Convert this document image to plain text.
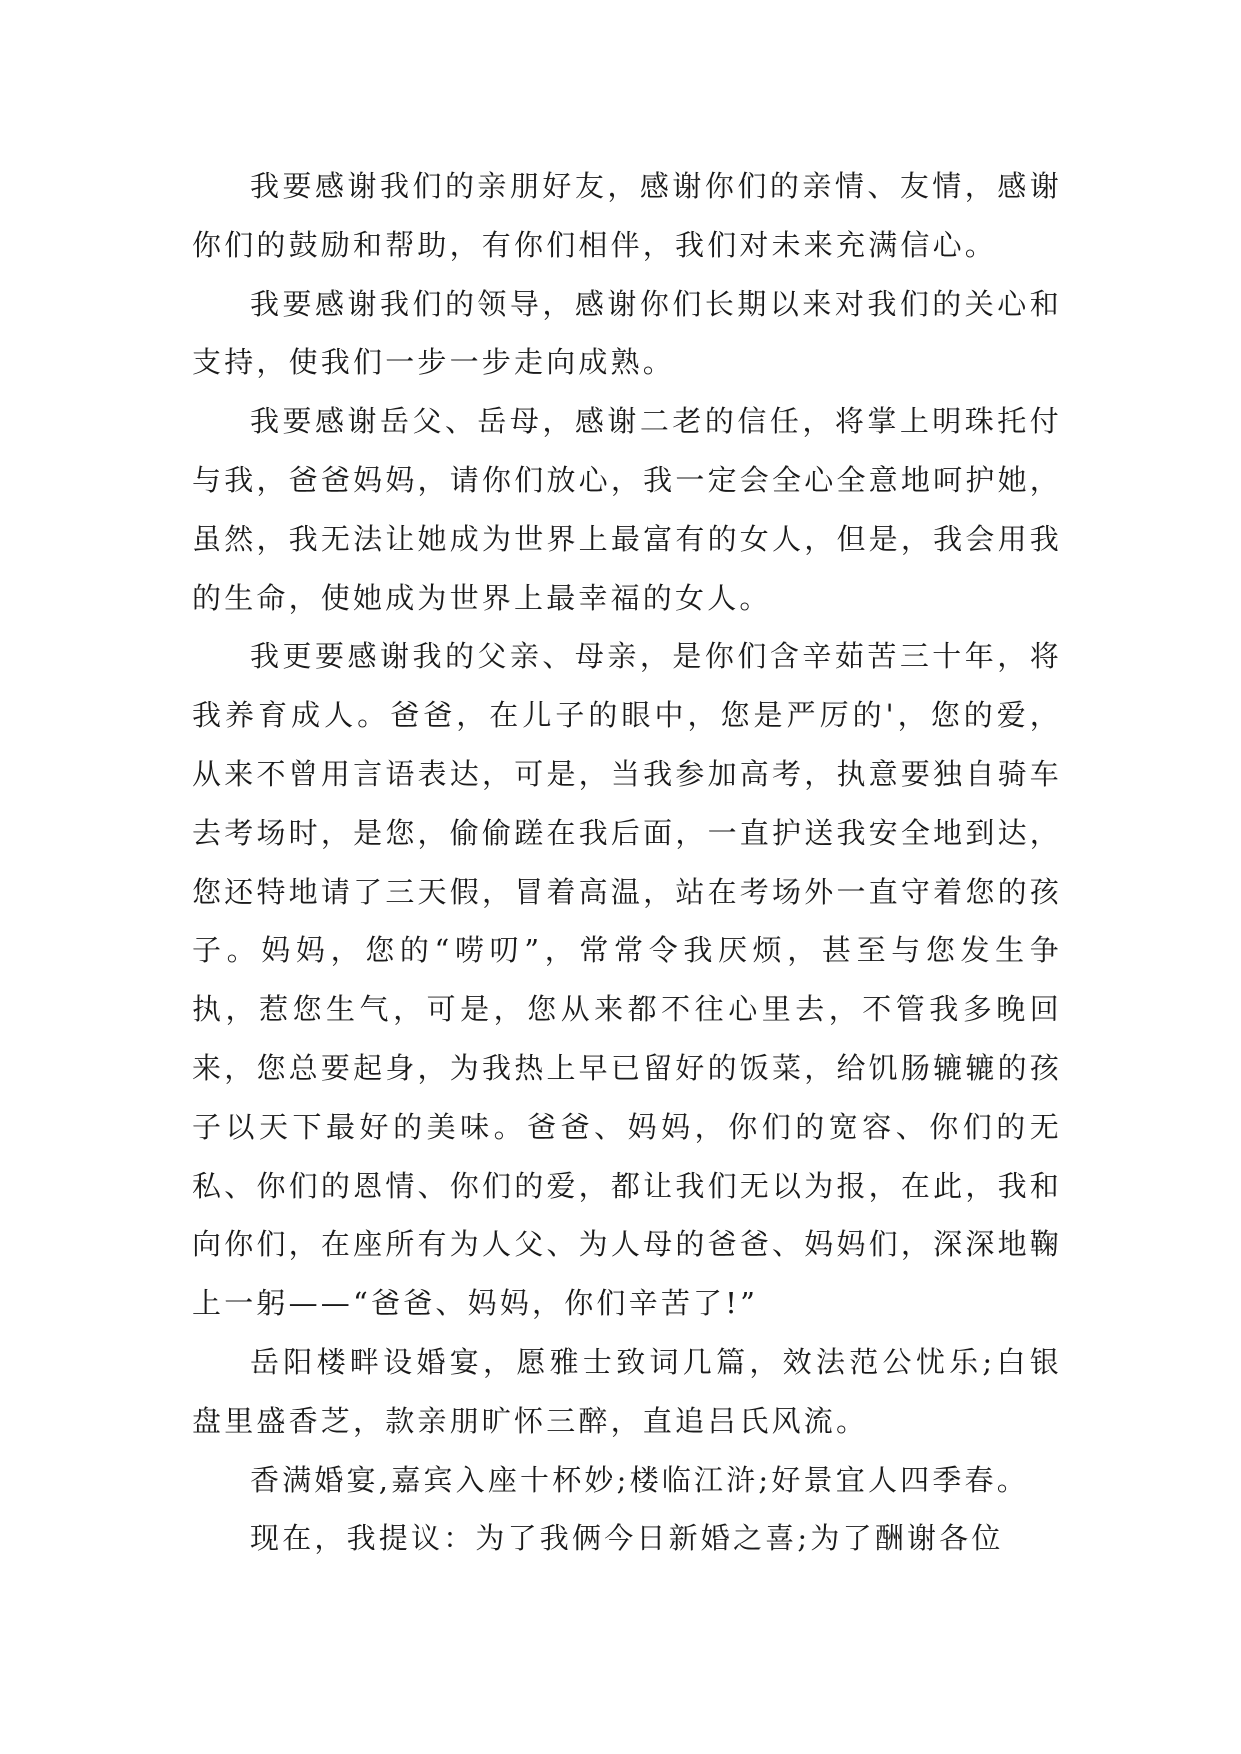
我要感谢我们的亲朋好友，感谢你们的亲情、友情，感谢你们的鼓励和帮助，有你们相伴，我们对未来充满信心。

我要感谢我们的领导，感谢你们长期以来对我们的关心和支持，使我们一步一步走向成熟。

我要感谢岳父、岳母，感谢二老的信任，将掌上明珠托付与我，爸爸妈妈，请你们放心，我一定会全心全意地呵护她，虽然，我无法让她成为世界上最富有的女人，但是，我会用我的生命，使她成为世界上最幸福的女人。

我更要感谢我的父亲、母亲，是你们含辛茹苦三十年，将我养育成人。爸爸，在儿子的眼中，您是严厉的'，您的爱，从来不曾用言语表达，可是，当我参加高考，执意要独自骑车去考场时，是您，偷偷蹉在我后面，一直护送我安全地到达，您还特地请了三天假，冒着高温，站在考场外一直守着您的孩子。妈妈，您的“唠叨”，常常令我厌烦，甚至与您发生争执，惹您生气，可是，您从来都不往心里去，不管我多晚回来，您总要起身，为我热上早已留好的饭菜，给饥肠辘辘的孩子以天下最好的美味。爸爸、妈妈，你们的宽容、你们的无私、你们的恩情、你们的爱，都让我们无以为报，在此，我和向你们，在座所有为人父、为人母的爸爸、妈妈们，深深地鞠上一躬——“爸爸、妈妈，你们辛苦了!”

岳阳楼畔设婚宴，愿雅士致词几篇，效法范公忧乐;白银盘里盛香芝，款亲朋旷怀三醉，直追吕氏风流。

香满婚宴,嘉宾入座十杯妙;楼临江浒;好景宜人四季春。

现在，我提议：为了我俩今日新婚之喜;为了酬谢各位
